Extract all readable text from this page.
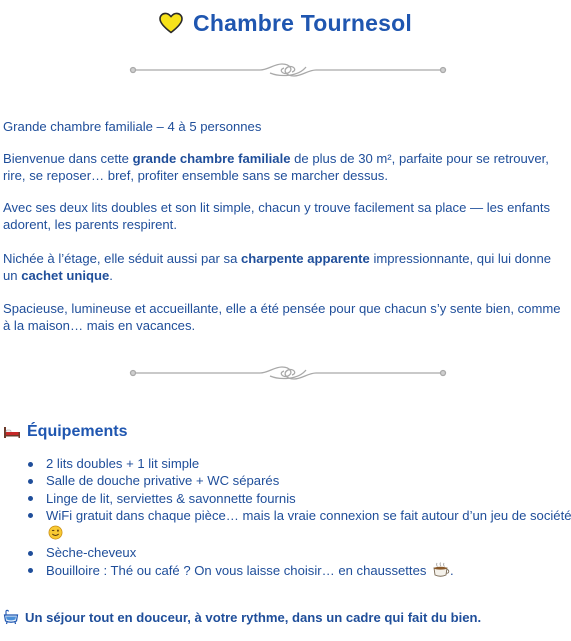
Chambre Tournesol

Grande chambre familiale – 4 à 5 personnes

Bienvenue dans cette grande chambre familiale de plus de 30 m², parfaite pour se retrouver, rire, se reposer… bref, profiter ensemble sans se marcher dessus.

Avec ses deux lits doubles et son lit simple, chacun y trouve facilement sa place — les enfants adorent, les parents respirent.

Nichée à l’étage, elle séduit aussi par sa charpente apparente impressionnante, qui lui donne un cachet unique.

Spacieuse, lumineuse et accueillante, elle a été pensée pour que chacun s’y sente bien, comme à la maison… mais en vacances.

Équipements
2 lits doubles + 1 lit simple
Salle de douche privative + WC séparés
Linge de lit, serviettes & savonnette fournis
WiFi gratuit dans chaque pièce… mais la vraie connexion se fait autour d’un jeu de société
Sèche-cheveux
Bouilloire : Thé ou café ? On vous laisse choisir… en chaussettes .
Un séjour tout en douceur, à votre rythme, dans un cadre qui fait du bien.
